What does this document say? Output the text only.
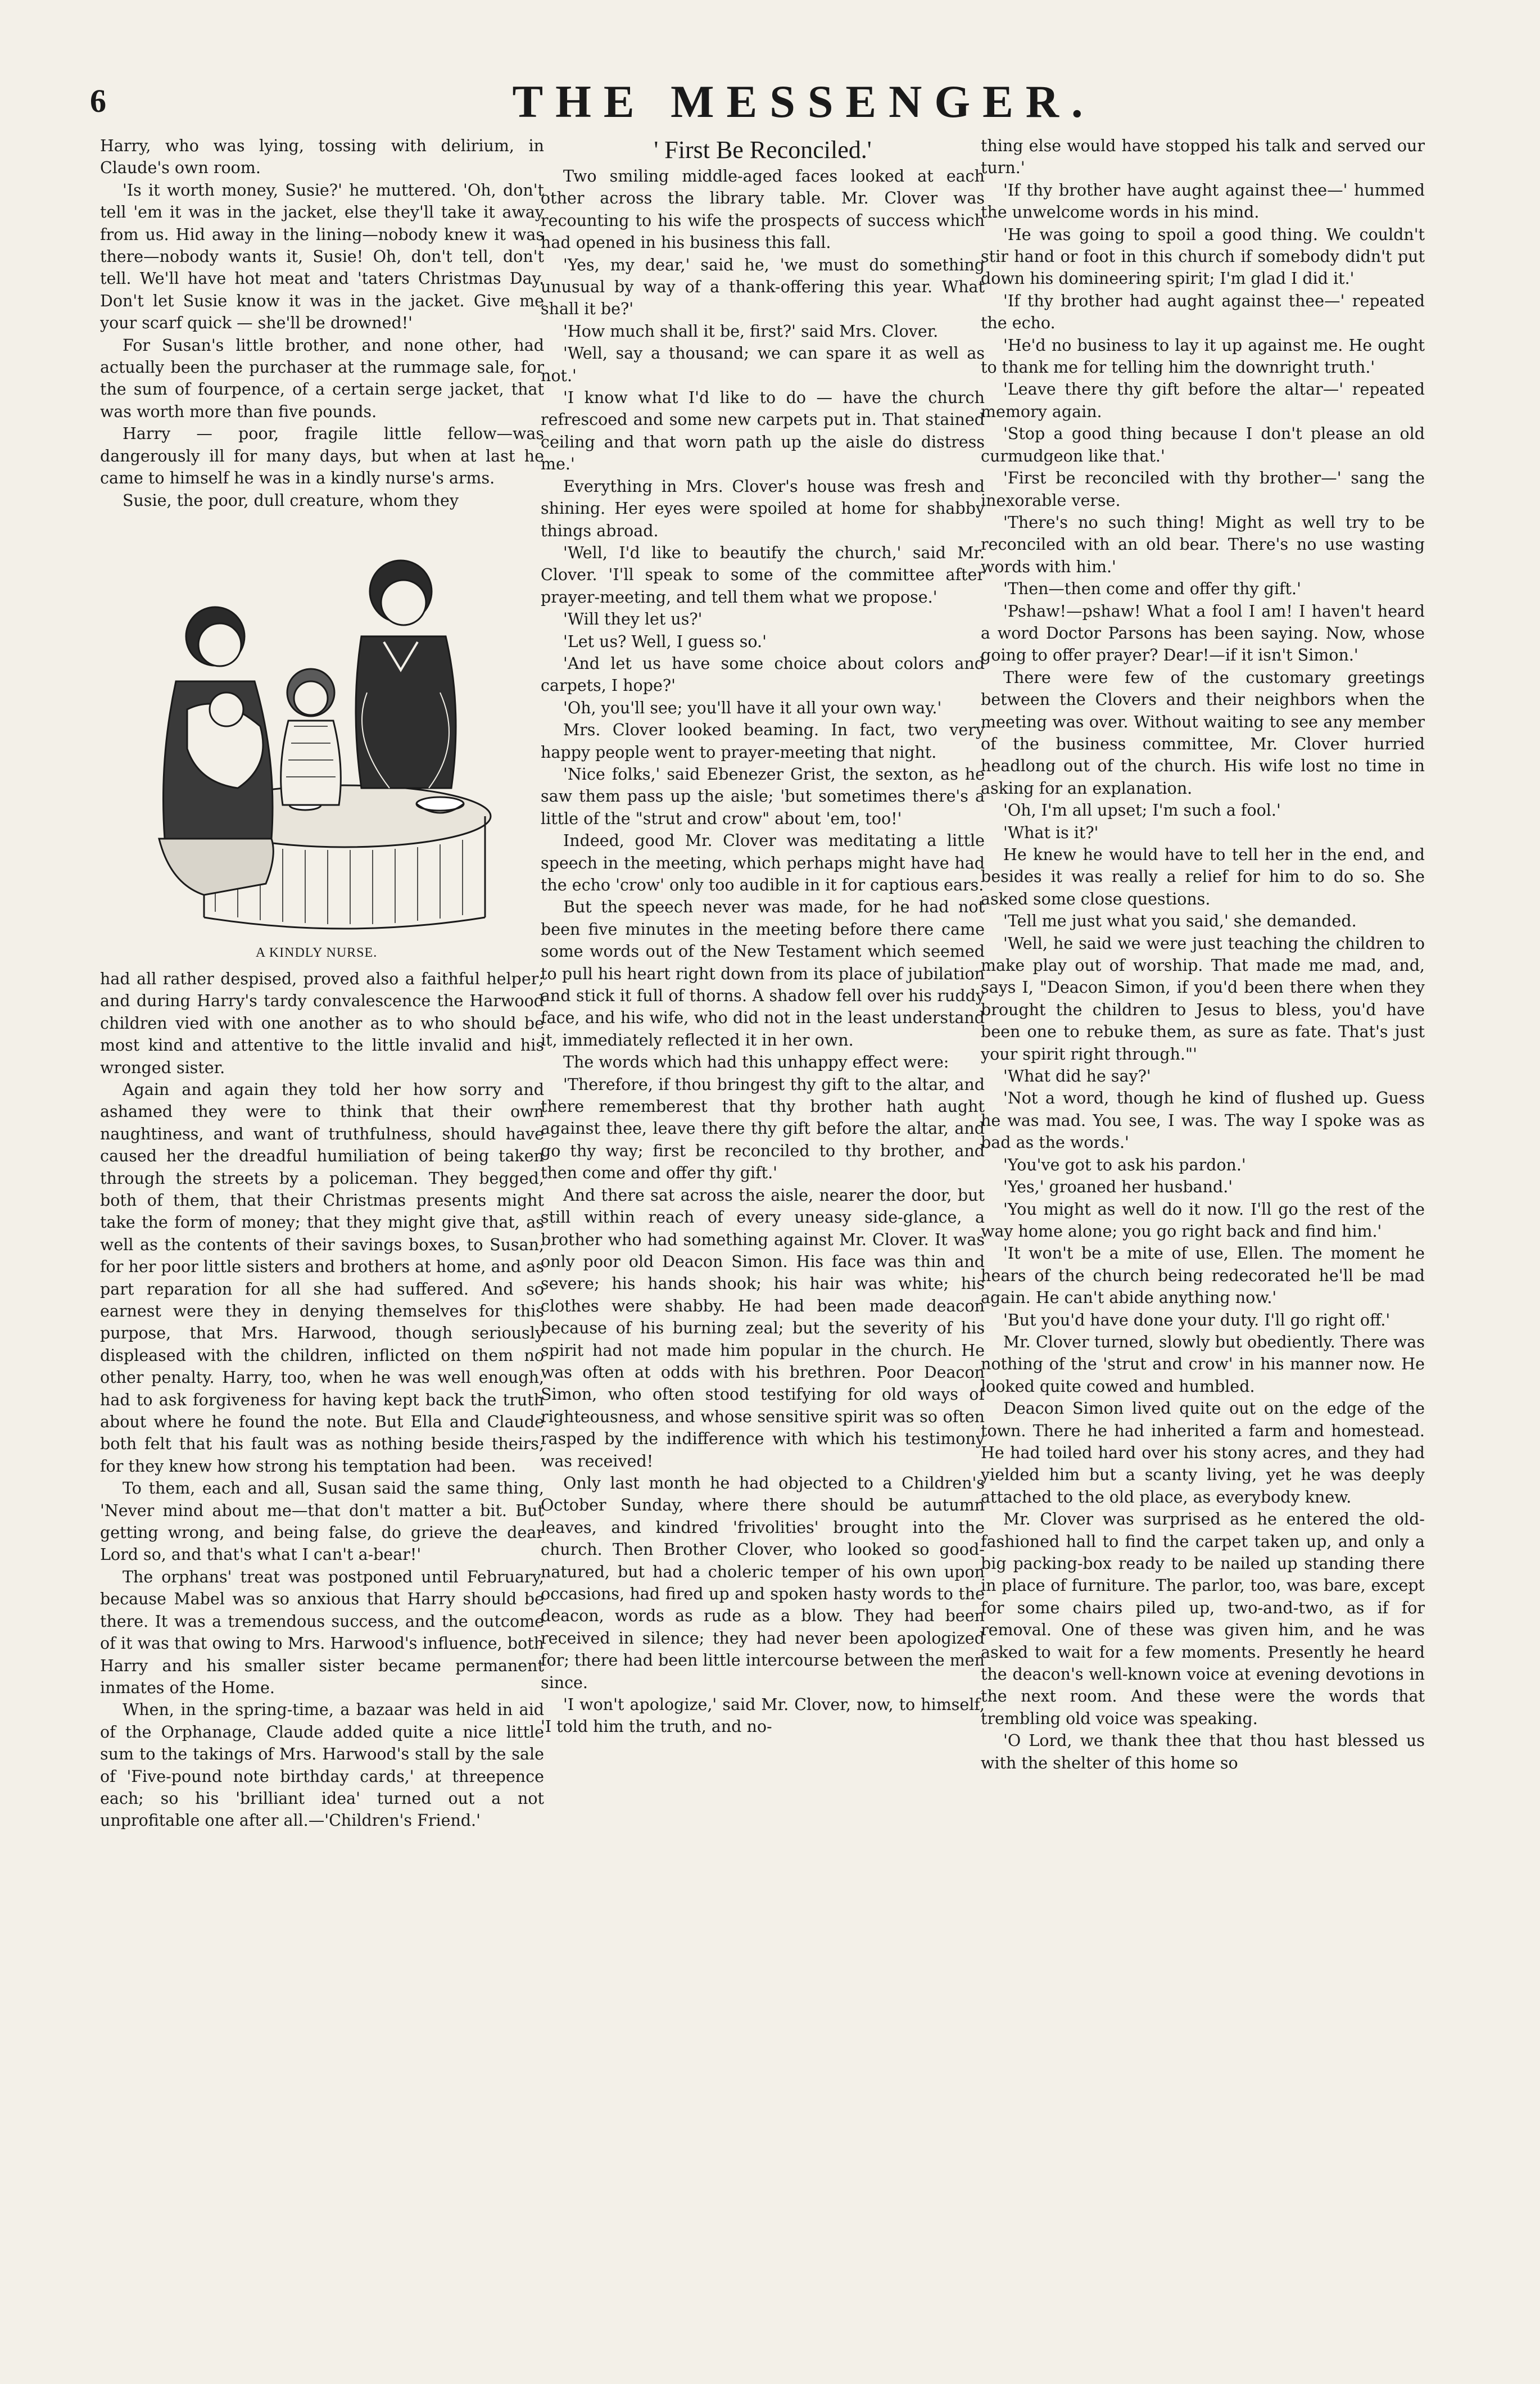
6	THE MESSENGER.

Harry, who was lying, tossing with delirium, in Claude's own room.

'Is it worth money, Susie?' he muttered. 'Oh, don't tell 'em it was in the jacket, else they'll take it away from us. Hid away in the lining—nobody knew it was there—nobody wants it, Susie! Oh, don't tell, don't tell. We'll have hot meat and 'taters Christmas Day. Don't let Susie know it was in the jacket. Give me your scarf quick — she'll be drowned!'

For Susan's little brother, and none other, had actually been the purchaser at the rummage sale, for the sum of fourpence, of a certain serge jacket, that was worth more than five pounds.

Harry — poor, fragile little fellow—was dangerously ill for many days, but when at last he came to himself he was in a kindly nurse's arms.

Susie, the poor, dull creature, whom they

A KINDLY NURSE.

had all rather despised, proved also a faithful helper; and during Harry's tardy convalescence the Harwood children vied with one another as to who should be most kind and attentive to the little invalid and his wronged sister.

Again and again they told her how sorry and ashamed they were to think that their own naughtiness, and want of truthfulness, should have caused her the dreadful humiliation of being taken through the streets by a policeman. They begged, both of them, that their Christmas presents might take the form of money; that they might give that, as well as the contents of their savings boxes, to Susan, for her poor little sisters and brothers at home, and as part reparation for all she had suffered. And so earnest were they in denying themselves for this purpose, that Mrs. Harwood, though seriously displeased with the children, inflicted on them no other penalty. Harry, too, when he was well enough, had to ask forgiveness for having kept back the truth about where he found the note. But Ella and Claude both felt that his fault was as nothing beside theirs, for they knew how strong his temptation had been.

To them, each and all, Susan said the same thing, 'Never mind about me—that don't matter a bit. But getting wrong, and being false, do grieve the dear Lord so, and that's what I can't a-bear!'

The orphans' treat was postponed until February, because Mabel was so anxious that Harry should be there. It was a tremendous success, and the outcome of it was that owing to Mrs. Harwood's influence, both Harry and his smaller sister became permanent inmates of the Home.

When, in the spring-time, a bazaar was held in aid of the Orphanage, Claude added quite a nice little sum to the takings of Mrs. Harwood's stall by the sale of 'Five-pound note birthday cards,' at threepence each; so his 'brilliant idea' turned out a not unprofitable one after all.—'Children's Friend.'

' First Be Reconciled.'

Two smiling middle-aged faces looked at each other across the library table. Mr. Clover was recounting to his wife the prospects of success which had opened in his business this fall.

'Yes, my dear,' said he, 'we must do something unusual by way of a thank-offering this year. What shall it be?'

'How much shall it be, first?' said Mrs. Clover.

'Well, say a thousand; we can spare it as well as not.'

'I know what I'd like to do — have the church refrescoed and some new carpets put in. That stained ceiling and that worn path up the aisle do distress me.'

Everything in Mrs. Clover's house was fresh and shining. Her eyes were spoiled at home for shabby things abroad.

'Well, I'd like to beautify the church,' said Mr. Clover. 'I'll speak to some of the committee after prayer-meeting, and tell them what we propose.'

'Will they let us?'

'Let us? Well, I guess so.'

'And let us have some choice about colors and carpets, I hope?'

'Oh, you'll see; you'll have it all your own way.'

Mrs. Clover looked beaming. In fact, two very happy people went to prayer-meeting that night.

'Nice folks,' said Ebenezer Grist, the sexton, as he saw them pass up the aisle; 'but sometimes there's a little of the "strut and crow" about 'em, too!'

Indeed, good Mr. Clover was meditating a little speech in the meeting, which perhaps might have had the echo 'crow' only too audible in it for captious ears.

But the speech never was made, for he had not been five minutes in the meeting before there came some words out of the New Testament which seemed to pull his heart right down from its place of jubilation and stick it full of thorns. A shadow fell over his ruddy face, and his wife, who did not in the least understand it, immediately reflected it in her own.

The words which had this unhappy effect were:

'Therefore, if thou bringest thy gift to the altar, and there rememberest that thy brother hath aught against thee, leave there thy gift before the altar, and go thy way; first be reconciled to thy brother, and then come and offer thy gift.'

And there sat across the aisle, nearer the door, but still within reach of every uneasy side-glance, a brother who had something against Mr. Clover. It was only poor old Deacon Simon. His face was thin and severe; his hands shook; his hair was white; his clothes were shabby. He had been made deacon because of his burning zeal; but the severity of his spirit had not made him popular in the church. He was often at odds with his brethren. Poor Deacon Simon, who often stood testifying for old ways of righteousness, and whose sensitive spirit was so often rasped by the indifference with which his testimony was received!

Only last month he had objected to a Children's October Sunday, where there should be autumn leaves, and kindred 'frivolities' brought into the church. Then Brother Clover, who looked so good-natured, but had a choleric temper of his own upon occasions, had fired up and spoken hasty words to the deacon, words as rude as a blow. They had been received in silence; they had never been apologized for; there had been little intercourse between the men since.

'I won't apologize,' said Mr. Clover, now, to himself, 'I told him the truth, and no-

thing else would have stopped his talk and served our turn.'

'If thy brother have aught against thee—' hummed the unwelcome words in his mind.

'He was going to spoil a good thing. We couldn't stir hand or foot in this church if somebody didn't put down his domineering spirit; I'm glad I did it.'

'If thy brother had aught against thee—' repeated the echo.

'He'd no business to lay it up against me. He ought to thank me for telling him the downright truth.'

'Leave there thy gift before the altar—' repeated memory again.

'Stop a good thing because I don't please an old curmudgeon like that.'

'First be reconciled with thy brother—' sang the inexorable verse.

'There's no such thing! Might as well try to be reconciled with an old bear. There's no use wasting words with him.'

'Then—then come and offer thy gift.'

'Pshaw!—pshaw! What a fool I am! I haven't heard a word Doctor Parsons has been saying. Now, whose going to offer prayer? Dear!—if it isn't Simon.'

There were few of the customary greetings between the Clovers and their neighbors when the meeting was over. Without waiting to see any member of the business committee, Mr. Clover hurried headlong out of the church. His wife lost no time in asking for an explanation.

'Oh, I'm all upset; I'm such a fool.'

'What is it?'

He knew he would have to tell her in the end, and besides it was really a relief for him to do so. She asked some close questions.

'Tell me just what you said,' she demanded.

'Well, he said we were just teaching the children to make play out of worship. That made me mad, and, says I, "Deacon Simon, if you'd been there when they brought the children to Jesus to bless, you'd have been one to rebuke them, as sure as fate. That's just your spirit right through."'

'What did he say?'

'Not a word, though he kind of flushed up. Guess he was mad. You see, I was. The way I spoke was as bad as the words.'

'You've got to ask his pardon.'

'Yes,' groaned her husband.'

'You might as well do it now. I'll go the rest of the way home alone; you go right back and find him.'

'It won't be a mite of use, Ellen. The moment he hears of the church being redecorated he'll be mad again. He can't abide anything now.'

'But you'd have done your duty. I'll go right off.'

Mr. Clover turned, slowly but obediently. There was nothing of the 'strut and crow' in his manner now. He looked quite cowed and humbled.

Deacon Simon lived quite out on the edge of the town. There he had inherited a farm and homestead. He had toiled hard over his stony acres, and they had yielded him but a scanty living, yet he was deeply attached to the old place, as everybody knew.

Mr. Clover was surprised as he entered the old-fashioned hall to find the carpet taken up, and only a big packing-box ready to be nailed up standing there in place of furniture. The parlor, too, was bare, except for some chairs piled up, two-and-two, as if for removal. One of these was given him, and he was asked to wait for a few moments. Presently he heard the deacon's well-known voice at evening devotions in the next room. And these were the words that trembling old voice was speaking.

'O Lord, we thank thee that thou hast blessed us with the shelter of this home so
